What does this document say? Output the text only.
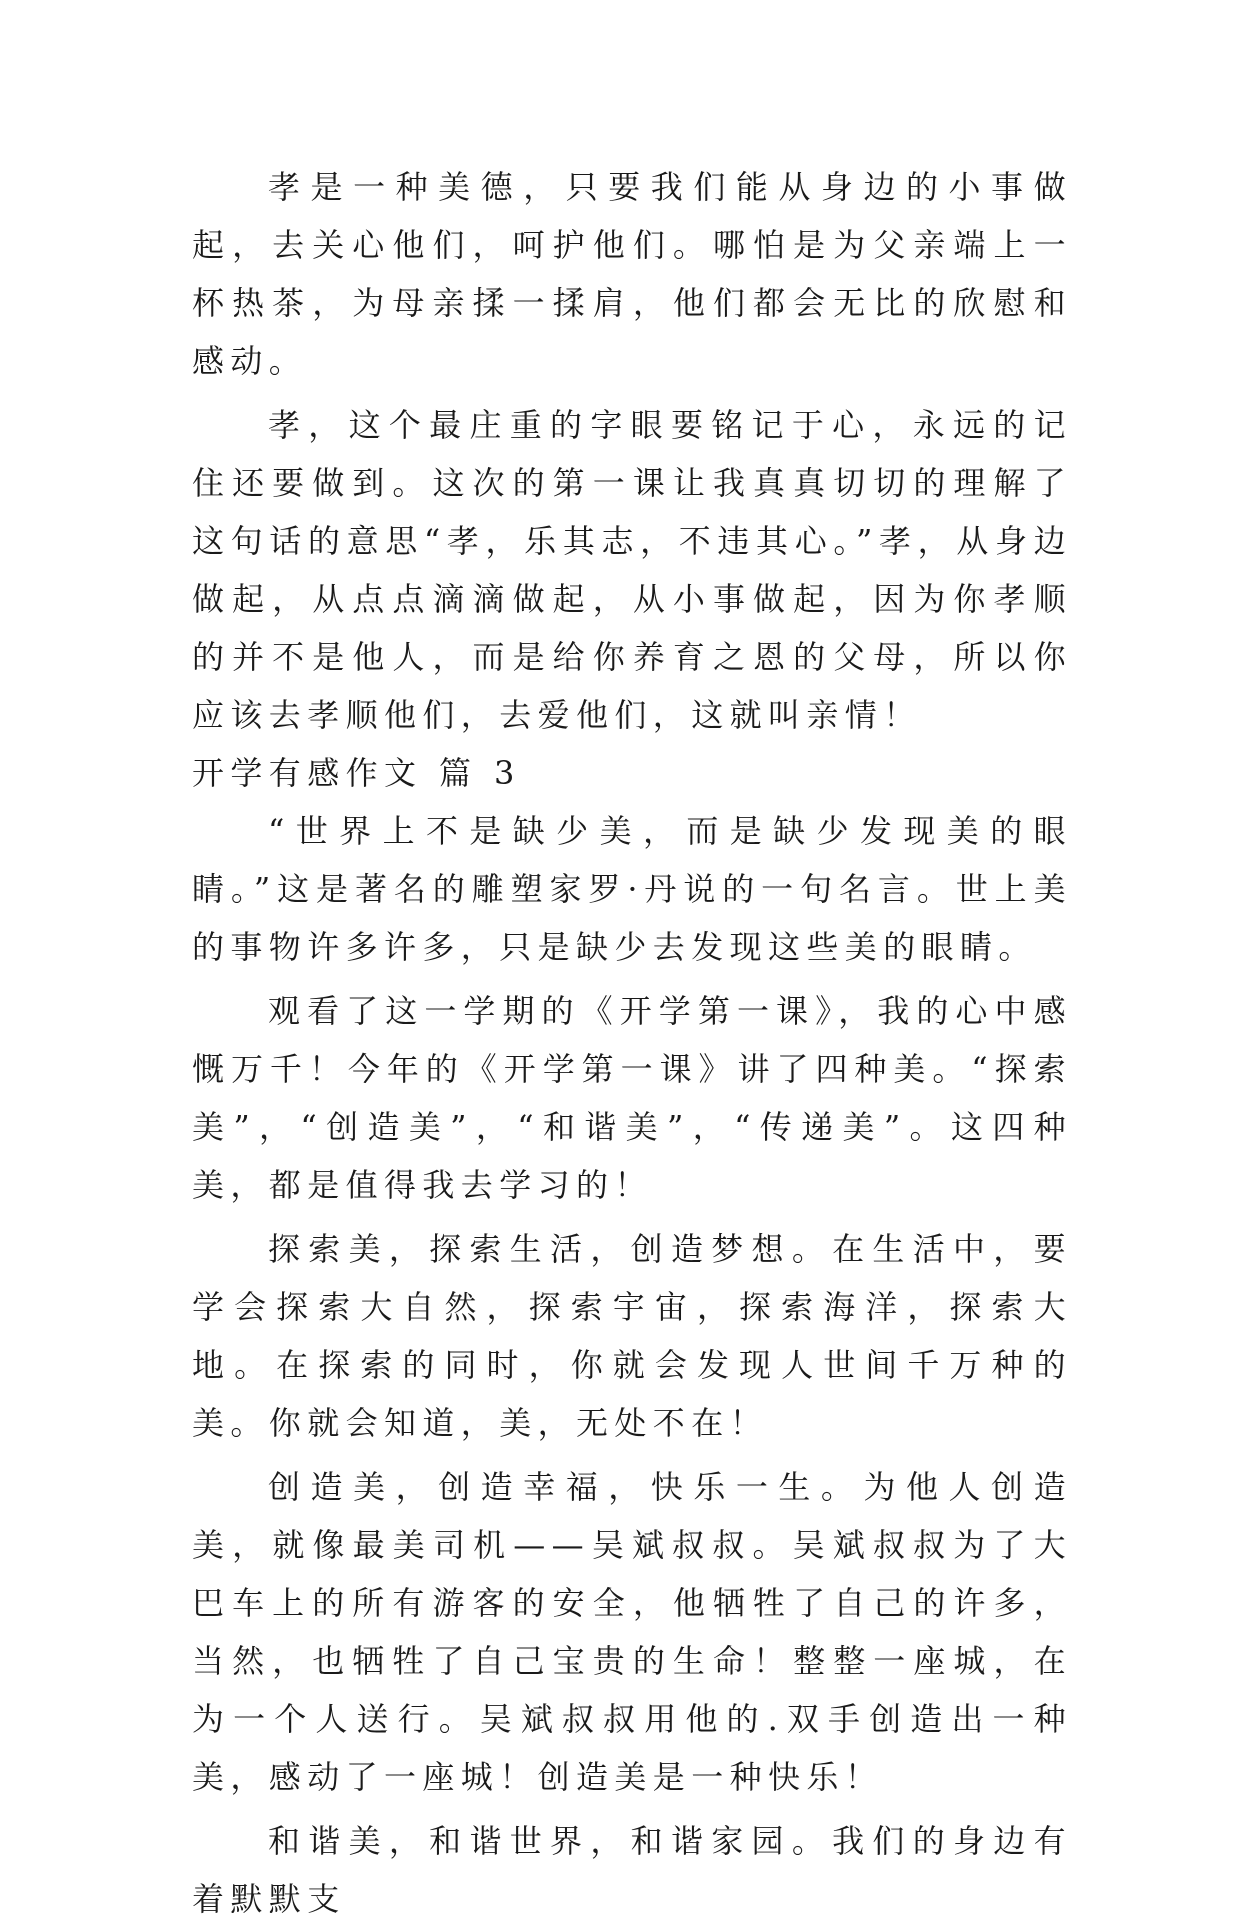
孝是一种美德，只要我们能从身边的小事做起，去关心他们，呵护他们。哪怕是为父亲端上一杯热茶，为母亲揉一揉肩，他们都会无比的欣慰和感动。

孝，这个最庄重的字眼要铭记于心，永远的记住还要做到。这次的第一课让我真真切切的理解了这句话的意思“孝，乐其志，不违其心。”孝，从身边做起，从点点滴滴做起，从小事做起，因为你孝顺的并不是他人，而是给你养育之恩的父母，所以你应该去孝顺他们，去爱他们，这就叫亲情！

开学有感作文 篇 3

“世界上不是缺少美，而是缺少发现美的眼睛。”这是著名的雕塑家罗·丹说的一句名言。世上美的事物许多许多，只是缺少去发现这些美的眼睛。

观看了这一学期的《开学第一课》，我的心中感慨万千！今年的《开学第一课》讲了四种美。“探索美”，“创造美”，“和谐美”，“传递美”。这四种美，都是值得我去学习的！

探索美，探索生活，创造梦想。在生活中，要学会探索大自然，探索宇宙，探索海洋，探索大地。在探索的同时，你就会发现人世间千万种的美。你就会知道，美，无处不在！

创造美，创造幸福，快乐一生。为他人创造美，就像最美司机——吴斌叔叔。吴斌叔叔为了大巴车上的所有游客的安全，他牺牲了自己的许多，当然，也牺牲了自己宝贵的生命！整整一座城，在为一个人送行。吴斌叔叔用他的.双手创造出一种美，感动了一座城！创造美是一种快乐！

和谐美，和谐世界，和谐家园。我们的身边有着默默支
